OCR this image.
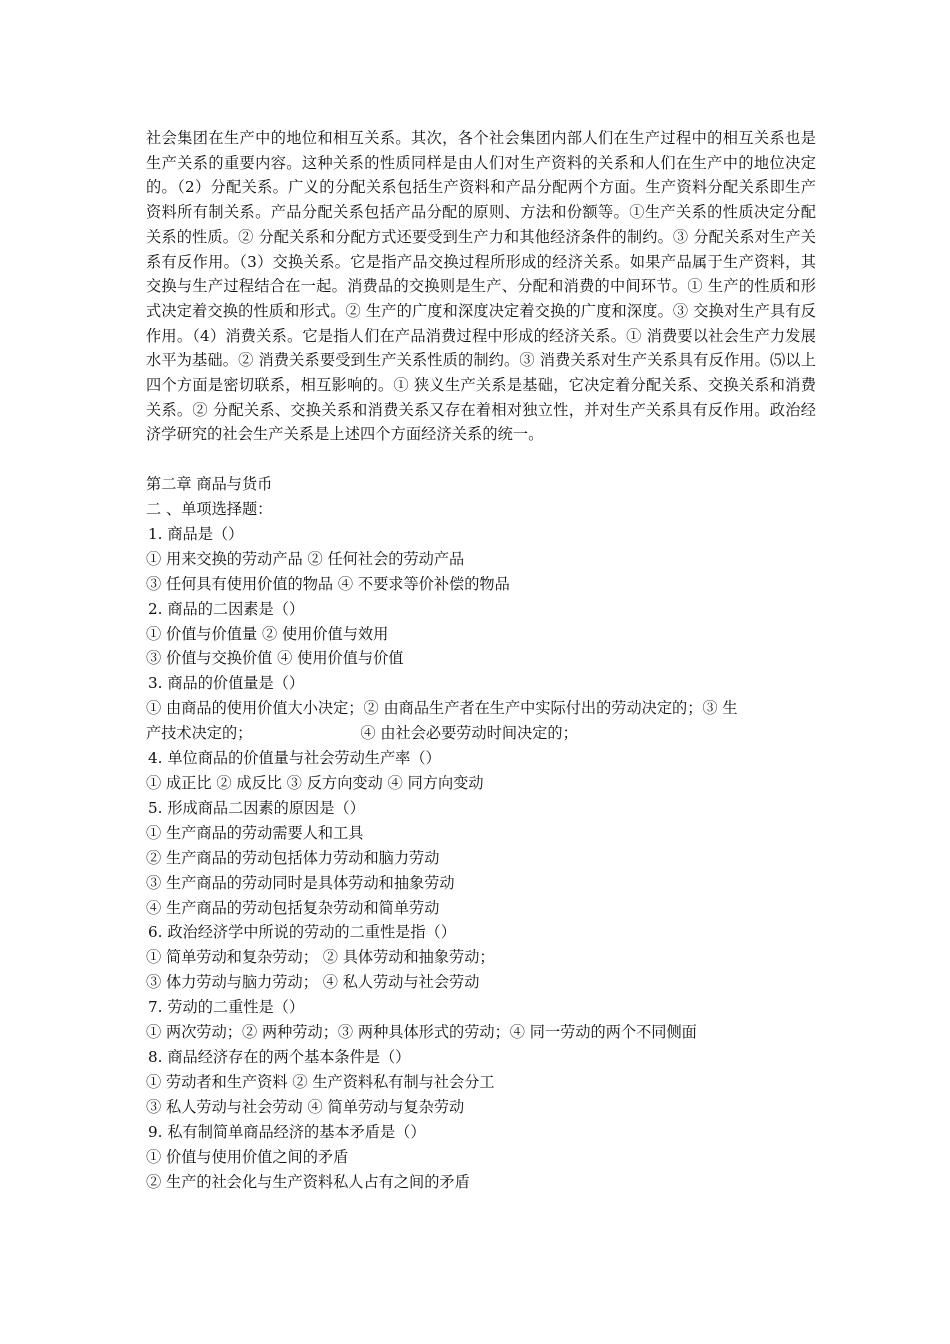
社会集团在生产中的地位和相互关系。其次，各个社会集团内部人们在生产过程中的相互关系也是生产关系的重要内容。这种关系的性质同样是由人们对生产资料的关系和人们在生产中的地位决定的。（2）分配关系。广义的分配关系包括生产资料和产品分配两个方面。生产资料分配关系即生产资料所有制关系。产品分配关系包括产品分配的原则、方法和份额等。①生产关系的性质决定分配关系的性质。② 分配关系和分配方式还要受到生产力和其他经济条件的制约。③ 分配关系对生产关系有反作用。（3）交换关系。它是指产品交换过程所形成的经济关系。如果产品属于生产资料，其交换与生产过程结合在一起。消费品的交换则是生产、分配和消费的中间环节。① 生产的性质和形式决定着交换的性质和形式。② 生产的广度和深度决定着交换的广度和深度。③ 交换对生产具有反作用。（4）消费关系。它是指人们在产品消费过程中形成的经济关系。① 消费要以社会生产力发展水平为基础。② 消费关系要受到生产关系性质的制约。③ 消费关系对生产关系具有反作用。⑸以上四个方面是密切联系，相互影响的。① 狭义生产关系是基础，它决定着分配关系、交换关系和消费关系。② 分配关系、交换关系和消费关系又存在着相对独立性，并对生产关系具有反作用。政治经济学研究的社会生产关系是上述四个方面经济关系的统一。

第二章 商品与货币
二 、单项选择题：
1. 商品是（）
① 用来交换的劳动产品 ② 任何社会的劳动产品
③ 任何具有使用价值的物品 ④ 不要求等价补偿的物品
2. 商品的二因素是（）
① 价值与价值量 ② 使用价值与效用
③ 价值与交换价值 ④ 使用价值与价值
3. 商品的价值量是（）
① 由商品的使用价值大小决定；② 由商品生产者在生产中实际付出的劳动决定的；③ 生
产技术决定的；	④ 由社会必要劳动时间决定的；
4. 单位商品的价值量与社会劳动生产率（）
① 成正比 ② 成反比 ③ 反方向变动 ④ 同方向变动
5. 形成商品二因素的原因是（）
① 生产商品的劳动需要人和工具
② 生产商品的劳动包括体力劳动和脑力劳动
③ 生产商品的劳动同时是具体劳动和抽象劳动
④ 生产商品的劳动包括复杂劳动和简单劳动
6. 政治经济学中所说的劳动的二重性是指（）
① 简单劳动和复杂劳动； ② 具体劳动和抽象劳动；
③ 体力劳动与脑力劳动； ④ 私人劳动与社会劳动
7. 劳动的二重性是（）
① 两次劳动；② 两种劳动；③ 两种具体形式的劳动；④ 同一劳动的两个不同侧面
8. 商品经济存在的两个基本条件是（）
① 劳动者和生产资料 ② 生产资料私有制与社会分工
③ 私人劳动与社会劳动 ④ 简单劳动与复杂劳动
9. 私有制简单商品经济的基本矛盾是（）
① 价值与使用价值之间的矛盾
② 生产的社会化与生产资料私人占有之间的矛盾
